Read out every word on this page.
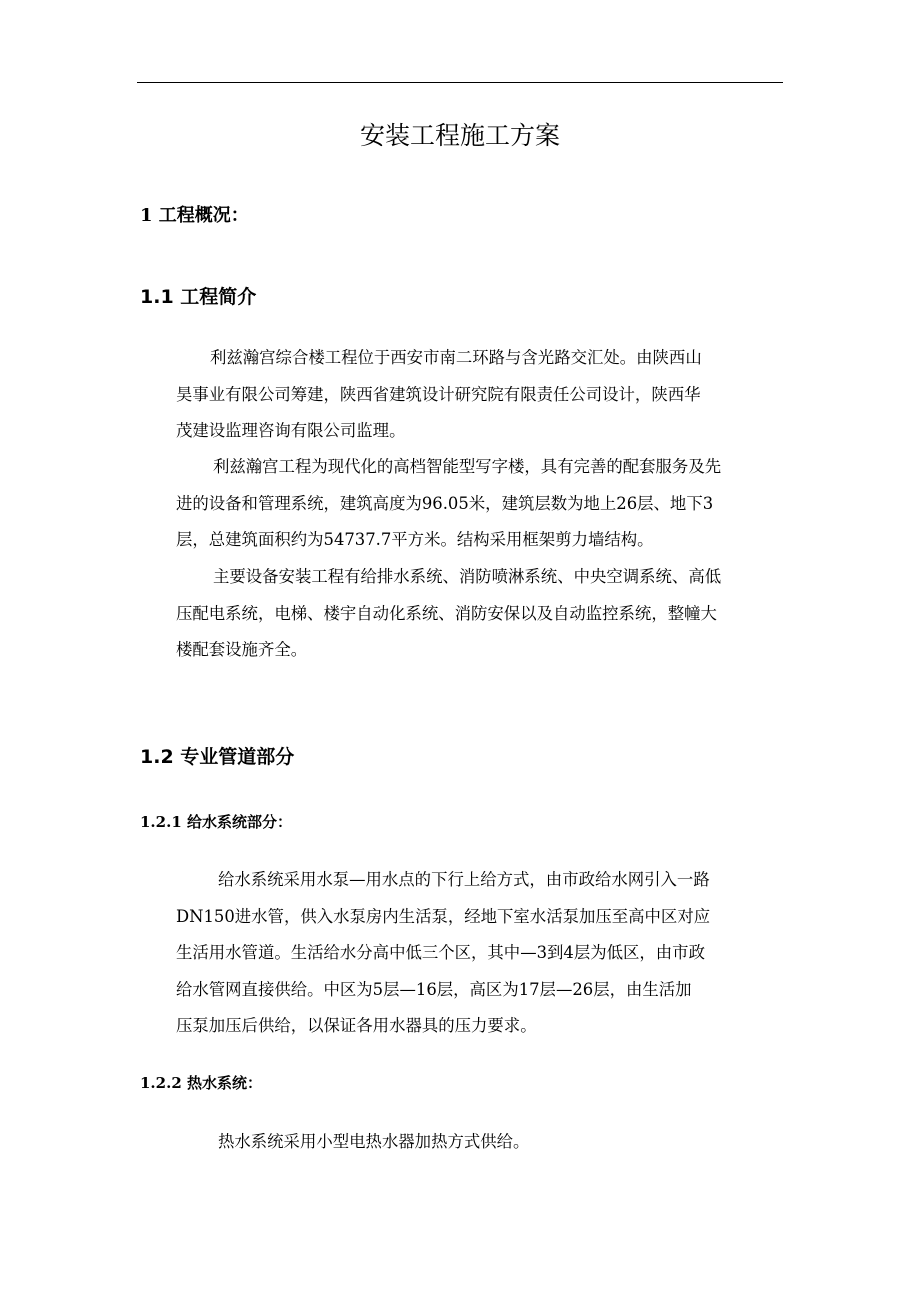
安装工程施工方案
1 工程概况：
1.1 工程简介
利兹瀚宫综合楼工程位于西安市南二环路与含光路交汇处。由陕西山
昊事业有限公司筹建，陕西省建筑设计研究院有限责任公司设计，陕西华
茂建设监理咨询有限公司监理。
利兹瀚宫工程为现代化的高档智能型写字楼，具有完善的配套服务及先
进的设备和管理系统，建筑高度为96.05米，建筑层数为地上26层、地下3
层，总建筑面积约为54737.7平方米。结构采用框架剪力墙结构。
主要设备安装工程有给排水系统、消防喷淋系统、中央空调系统、高低
压配电系统，电梯、楼宇自动化系统、消防安保以及自动监控系统，整幢大
楼配套设施齐全。
1.2 专业管道部分
1.2.1 给水系统部分：
给水系统采用水泵—用水点的下行上给方式，由市政给水网引入一路
DN150进水管，供入水泵房内生活泵，经地下室水活泵加压至高中区对应
生活用水管道。生活给水分高中低三个区，其中—3到4层为低区，由市政
给水管网直接供给。中区为5层—16层，高区为17层—26层，由生活加
压泵加压后供给，以保证各用水器具的压力要求。
1.2.2 热水系统：
热水系统采用小型电热水器加热方式供给。
